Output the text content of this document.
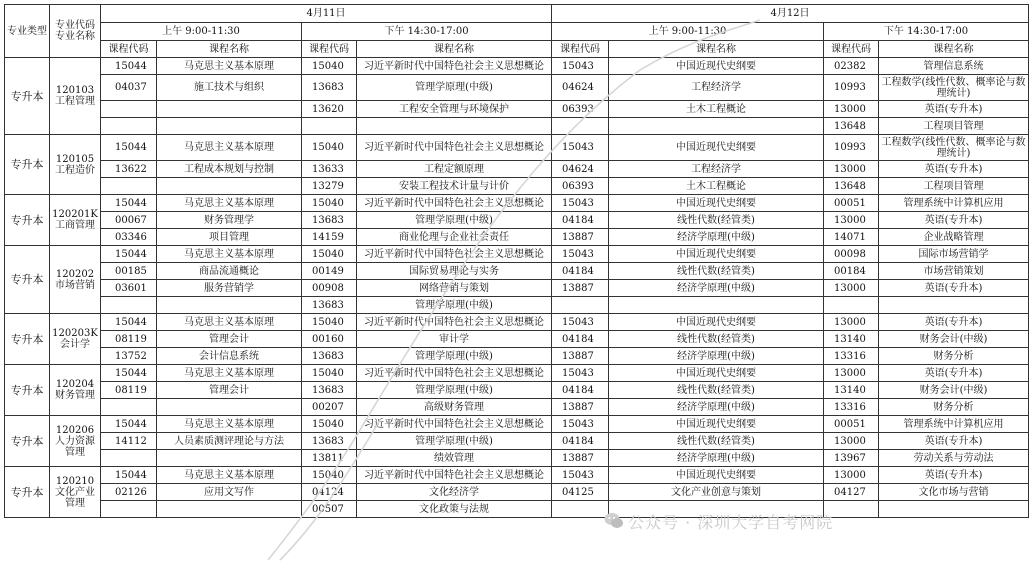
专业类型	专业代码专业名称	4月11日				4月12日			
		上午 9:00-11:30		下午 14:30-17:00		上午 9:00-11:30		下午 14:30-17:00	
		课程代码	课程名称	课程代码	课程名称	课程代码	课程名称	课程代码	课程名称
专升本	120103 工程管理	15044	马克思主义基本原理	15040	习近平新时代中国特色社会主义思想概论	15043	中国近现代史纲要	02382	管理信息系统
		04037	施工技术与组织	13683	管理学原理(中级)	04624	工程经济学	10993	工程数学(线性代数、概率论与数理统计)
				13620	工程安全管理与环境保护	06393	土木工程概论	13000	英语(专升本)
								13648	工程项目管理
专升本	120105 工程造价	15044	马克思主义基本原理	15040	习近平新时代中国特色社会主义思想概论	15043	中国近现代史纲要	10993	工程数学(线性代数、概率论与数理统计)
		13622	工程成本规划与控制	13633	工程定额原理	04624	工程经济学	13000	英语(专升本)
				13279	安装工程技术计量与计价	06393	土木工程概论	13648	工程项目管理
专升本	120201K 工商管理	15044	马克思主义基本原理	15040	习近平新时代中国特色社会主义思想概论	15043	中国近现代史纲要	00051	管理系统中计算机应用
		00067	财务管理学	13683	管理学原理(中级)	04184	线性代数(经管类)	13000	英语(专升本)
		03346	项目管理	14159	商业伦理与企业社会责任	13887	经济学原理(中级)	14071	企业战略管理
专升本	120202 市场营销	15044	马克思主义基本原理	15040	习近平新时代中国特色社会主义思想概论	15043	中国近现代史纲要	00098	国际市场营销学
		00185	商品流通概论	00149	国际贸易理论与实务	04184	线性代数(经管类)	00184	市场营销策划
		03601	服务营销学	00908	网络营销与策划	13887	经济学原理(中级)	13000	英语(专升本)
				13683	管理学原理(中级)				
专升本	120203K 会计学	15044	马克思主义基本原理	15040	习近平新时代中国特色社会主义思想概论	15043	中国近现代史纲要	13000	英语(专升本)
		08119	管理会计	00160	审计学	04184	线性代数(经管类)	13140	财务会计(中级)
		13752	会计信息系统	13683	管理学原理(中级)	13887	经济学原理(中级)	13316	财务分析
专升本	120204 财务管理	15044	马克思主义基本原理	15040	习近平新时代中国特色社会主义思想概论	15043	中国近现代史纲要	13000	英语(专升本)
		08119	管理会计	13683	管理学原理(中级)	04184	线性代数(经管类)	13140	财务会计(中级)
				00207	高级财务管理	13887	经济学原理(中级)	13316	财务分析
专升本	120206 人力资源管理	15044	马克思主义基本原理	15040	习近平新时代中国特色社会主义思想概论	15043	中国近现代史纲要	00051	管理系统中计算机应用
		14112	人员素质测评理论与方法	13683	管理学原理(中级)	04184	线性代数(经管类)	13000	英语(专升本)
				13811	绩效管理	13887	经济学原理(中级)	13967	劳动关系与劳动法
专升本	120210 文化产业管理	15044	马克思主义基本原理	15040	习近平新时代中国特色社会主义思想概论	15043	中国近现代史纲要	13000	英语(专升本)
		02126	应用文写作	04124	文化经济学	04125	文化产业创意与策划	04127	文化市场与营销
				00507	文化政策与法规				
公众号 · 深圳大学自考网院
